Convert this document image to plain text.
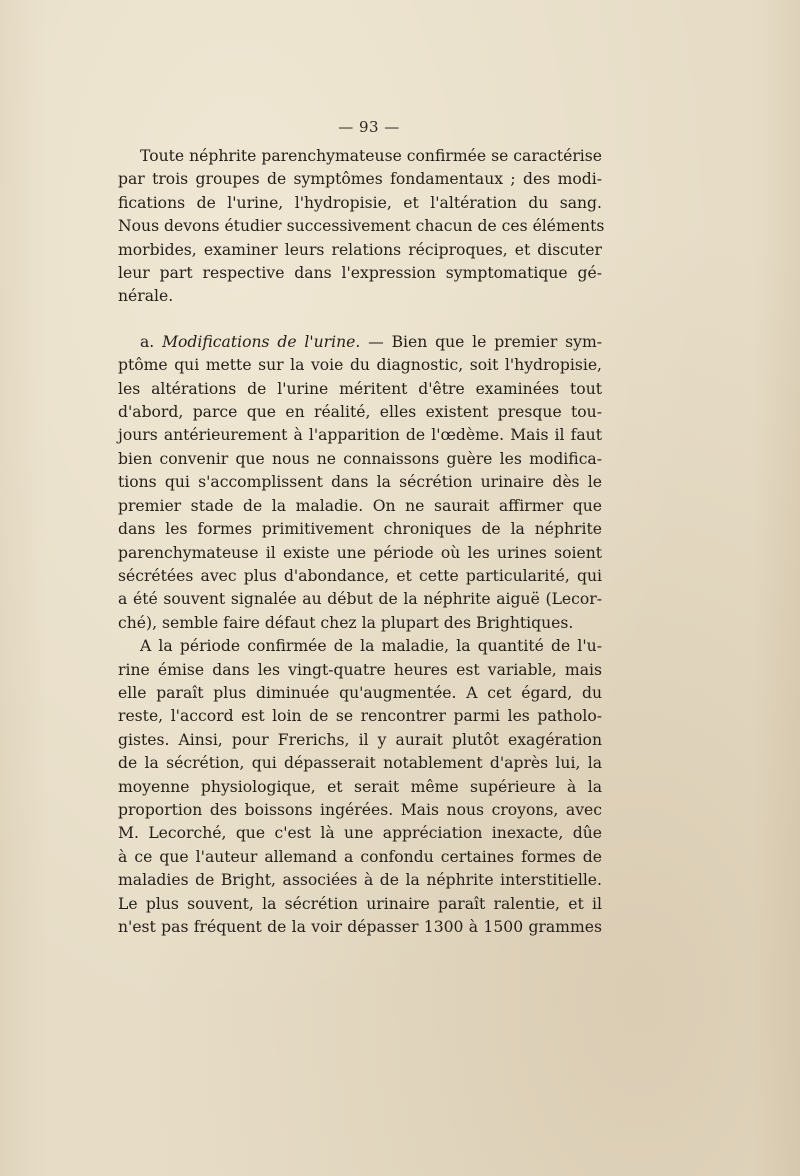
— 93 —

Toute néphrite parenchymateuse confirmée se caractérise
par trois groupes de symptômes fondamentaux ; des modi-
fications de l'urine, l'hydropisie, et l'altération du sang.
Nous devons étudier successivement chacun de ces éléments
morbides, examiner leurs relations réciproques, et discuter
leur part respective dans l'expression symptomatique gé-
nérale.

a. Modifications de l'urine. — Bien que le premier sym-
ptôme qui mette sur la voie du diagnostic, soit l'hydropisie,
les altérations de l'urine méritent d'être examinées tout
d'abord, parce que en réalité, elles existent presque tou-
jours antérieurement à l'apparition de l'œdème. Mais il faut
bien convenir que nous ne connaissons guère les modifica-
tions qui s'accomplissent dans la sécrétion urinaire dès le
premier stade de la maladie. On ne saurait affirmer que
dans les formes primitivement chroniques de la néphrite
parenchymateuse il existe une période où les urines soient
sécrétées avec plus d'abondance, et cette particularité, qui
a été souvent signalée au début de la néphrite aiguë (Lecor-
ché), semble faire défaut chez la plupart des Brightiques.

A la période confirmée de la maladie, la quantité de l'u-
rine émise dans les vingt-quatre heures est variable, mais
elle paraît plus diminuée qu'augmentée. A cet égard, du
reste, l'accord est loin de se rencontrer parmi les patholo-
gistes. Ainsi, pour Frerichs, il y aurait plutôt exagération
de la sécrétion, qui dépasserait notablement d'après lui, la
moyenne physiologique, et serait même supérieure à la
proportion des boissons ingérées. Mais nous croyons, avec
M. Lecorché, que c'est là une appréciation inexacte, dûe
à ce que l'auteur allemand a confondu certaines formes de
maladies de Bright, associées à de la néphrite interstitielle.
Le plus souvent, la sécrétion urinaire paraît ralentie, et il
n'est pas fréquent de la voir dépasser 1300 à 1500 grammes
